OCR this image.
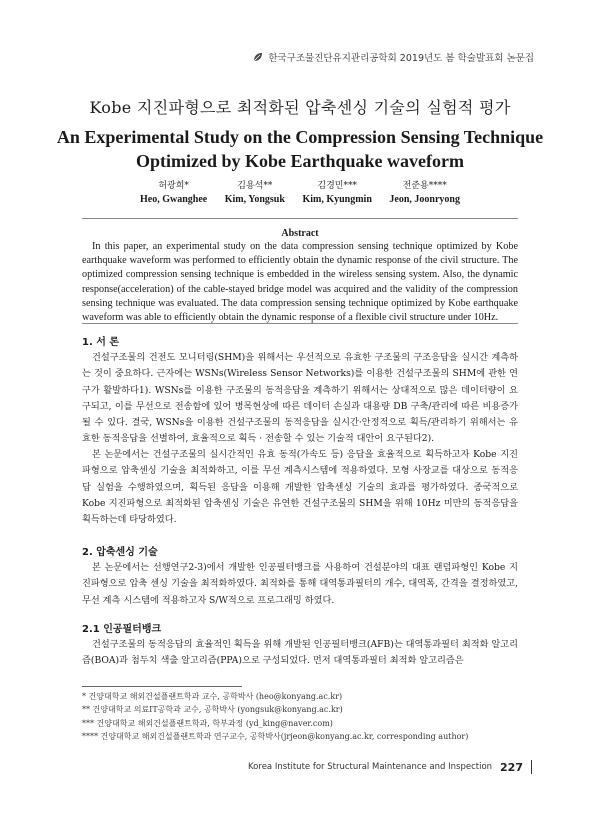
한국구조물진단유지관리공학회 2019년도 봄 학술발표회 논문집
Kobe 지진파형으로 최적화된 압축센싱 기술의 실험적 평가
An Experimental Study on the Compression Sensing Technique
Optimized by Kobe Earthquake waveform
허광희*
Heo, Gwanghee
김용석**
Kim, Yongsuk
김경민***
Kim, Kyungmin
전준용****
Jeon, Joonryong
Abstract
In this paper, an experimental study on the data compression sensing technique optimized by Kobe earthquake waveform was performed to efficiently obtain the dynamic response of the civil structure. The optimized compression sensing technique is embedded in the wireless sensing system. Also, the dynamic response(acceleration) of the cable-stayed bridge model was acquired and the validity of the compression sensing technique was evaluated. The data compression sensing technique optimized by Kobe earthquake waveform was able to efficiently obtain the dynamic response of a flexible civil structure under 10Hz.
1. 서 론
건설구조물의 건전도 모니터링(SHM)을 위해서는 우선적으로 유효한 구조물의 구조응답을 실시간 계측하는 것이 중요하다. 근자에는 WSNs(Wireless Sensor Networks)를 이용한 건설구조물의 SHM에 관한 연구가 활발하다1). WSNs를 이용한 구조물의 동적응답을 계측하기 위해서는 상대적으로 많은 데이터량이 요구되고, 이를 무선으로 전송함에 있어 병목현상에 따른 데이터 손실과 대용량 DB 구축/관리에 따른 비용증가 될 수 있다. 결국, WSNs을 이용한 건설구조물의 동적응답을 실시간·안정적으로 획득/관리하기 위해서는 유효한 동적응답을 선별하여, 효율적으로 획득 · 전송할 수 있는 기술적 대안이 요구된다2).
본 논문에서는 건설구조물의 실시간적인 유효 동적(가속도 등) 응답을 효율적으로 획득하고자 Kobe 지진파형으로 압축센싱 기술을 최적화하고, 이를 무선 계측시스템에 적용하였다. 모형 사장교를 대상으로 동적응답 실험을 수행하였으며, 획득된 응답을 이용해 개발한 압축센싱 기술의 효과를 평가하였다. 종국적으로 Kobe 지진파형으로 최적화된 압축센싱 기술은 유연한 건설구조물의 SHM을 위해 10Hz 미만의 동적응답을 획득하는데 타당하였다.
2. 압축센싱 기술
본 논문에서는 선행연구2-3)에서 개발한 인공필터뱅크를 사용하여 건설분야의 대표 랜덤파형인 Kobe 지진파형으로 압축 센싱 기술을 최적화하였다. 최적화를 통해 대역통과필터의 개수, 대역폭, 간격을 결정하였고, 무선 계측 시스템에 적용하고자 S/W적으로 프로그래밍 하였다.
2.1 인공필터뱅크
건설구조물의 동적응답의 효율적인 획득을 위해 개발된 인공필터뱅크(AFB)는 대역통과필터 최적화 알고리즘(BOA)과 첨두치 색출 알고리즘(PPA)으로 구성되었다. 먼저 대역통과필터 최적화 알고리즘은
* 건양대학교 해외건설플랜트학과 교수, 공학박사 (heo@konyang.ac.kr)
** 건양대학교 의료IT공학과 교수, 공학박사 (yongsuk@konyang.ac.kr)
*** 건양대학교 해외건설플랜트학과, 학부과정 (yd_king@naver.com)
**** 건양대학교 해외건설플랜트학과 연구교수, 공학박사(jrjeon@konyang.ac.kr, corresponding author)
Korea Institute for Structural Maintenance and Inspection 227
